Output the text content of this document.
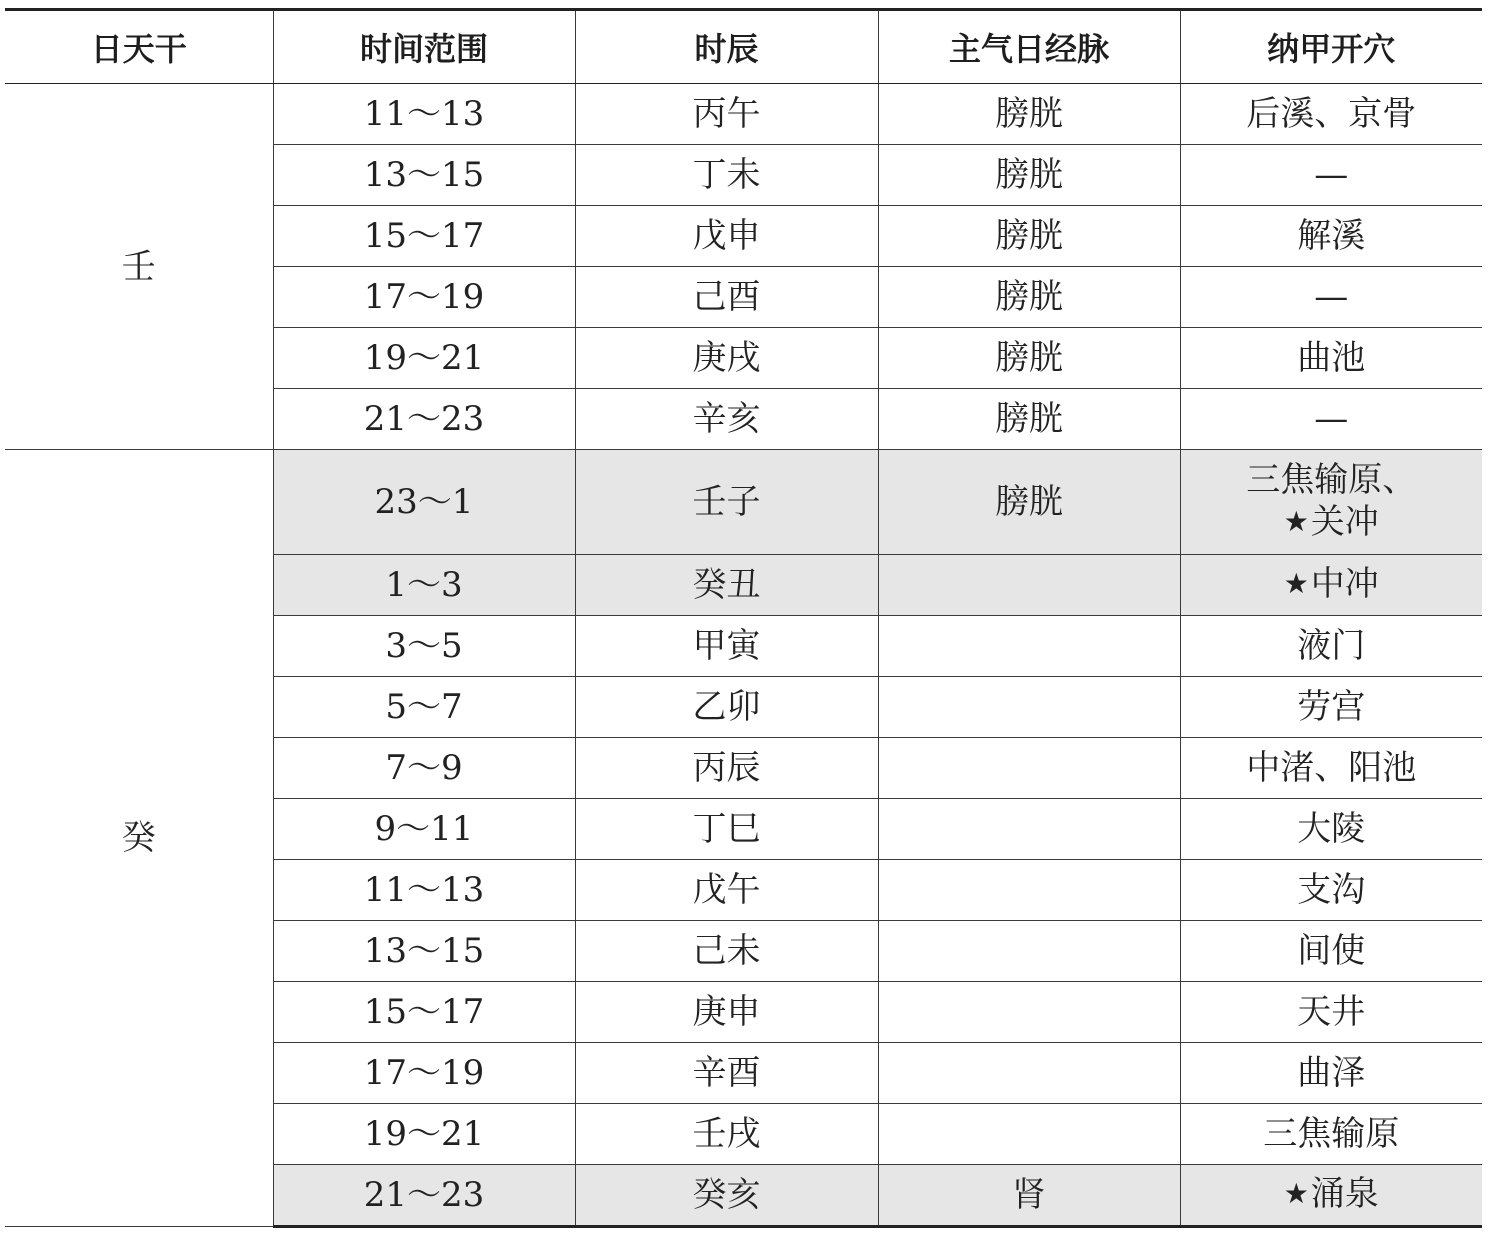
日天干	时间范围	时辰	主气日经脉	纳甲开穴
壬	11～13	丙午	膀胱	后溪、京骨
	13～15	丁未	膀胱	—
	15～17	戊申	膀胱	解溪
	17～19	己酉	膀胱	—
	19～21	庚戌	膀胱	曲池
	21～23	辛亥	膀胱	—
癸	23～1	壬子	膀胱	三焦输原、
★关冲

	1～3	癸丑		★中冲
	3～5	甲寅		液门
	5～7	乙卯		劳宫
	7～9	丙辰		中渚、阳池
	9～11	丁巳		大陵
	11～13	戊午		支沟
	13～15	己未		间使
	15～17	庚申		天井
	17～19	辛酉		曲泽
	19～21	壬戌		三焦输原
	21～23	癸亥	肾	★涌泉
